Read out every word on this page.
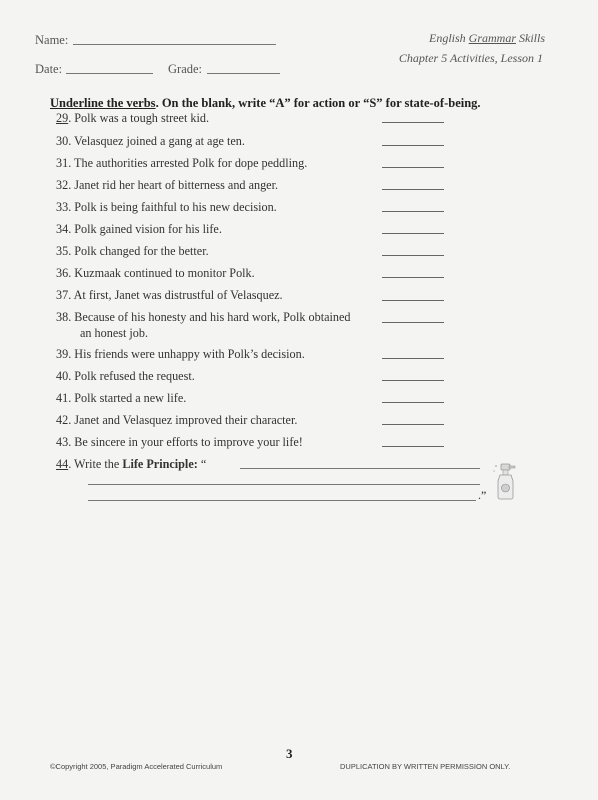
Name:
Date:	Grade:
English Grammar Skills
Chapter 5 Activities, Lesson 1
Underline the verbs. On the blank, write “A” for action or “S” for state-of-being.
29. Polk was a tough street kid.
30. Velasquez joined a gang at age ten.
31. The authorities arrested Polk for dope peddling.
32. Janet rid her heart of bitterness and anger.
33. Polk is being faithful to his new decision.
34. Polk gained vision for his life.
35. Polk changed for the better.
36. Kuzmaak continued to monitor Polk.
37. At first, Janet was distrustful of Velasquez.
38. Because of his honesty and his hard work, Polk obtained
an honest job.
39. His friends were unhappy with Polk’s decision.
40. Polk refused the request.
41. Polk started a new life.
42. Janet and Velasquez improved their character.
43. Be sincere in your efforts to improve your life!
44. Write the Life Principle: “
.”
©Copyright 2005, Paradigm Accelerated Curriculum
3
DUPLICATION BY WRITTEN PERMISSION ONLY.
